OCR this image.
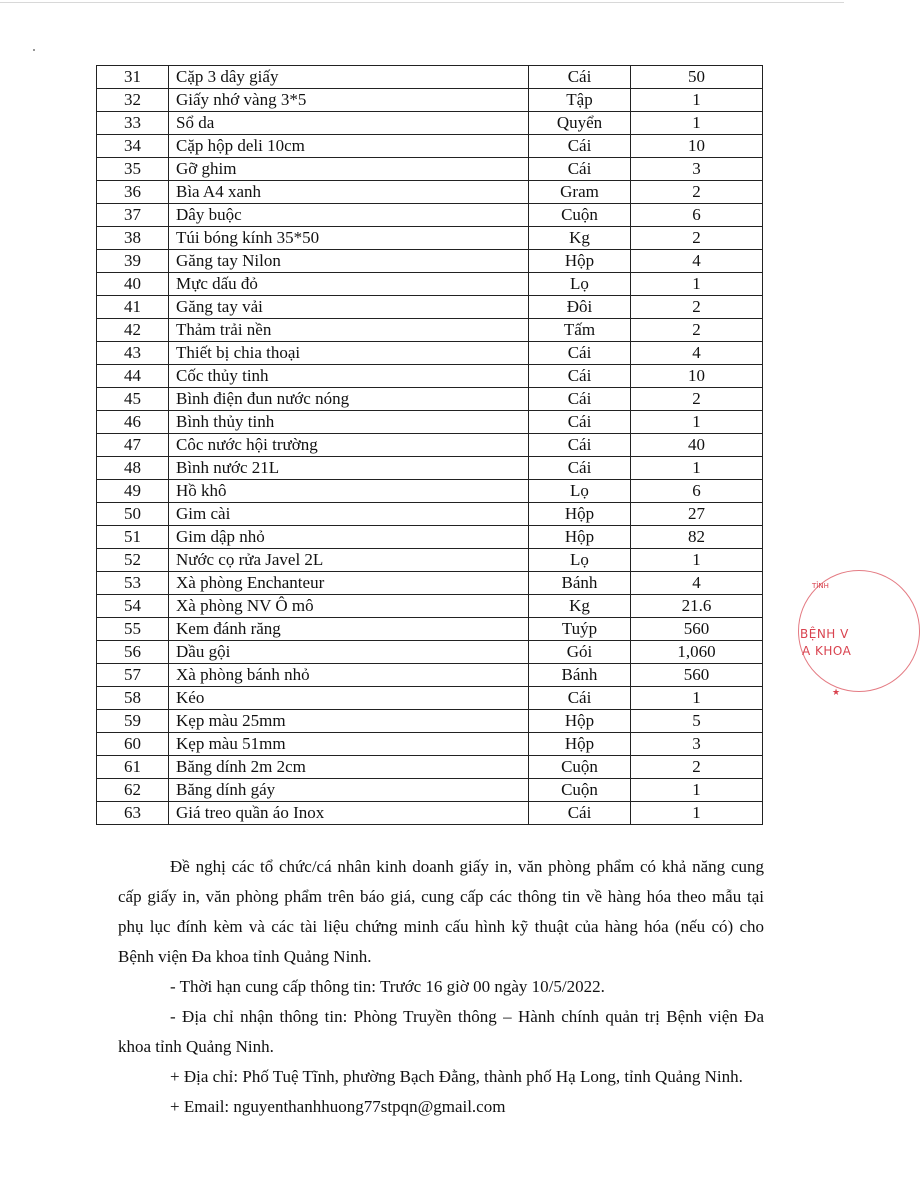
31	Cặp 3 dây giấy	Cái	50
32	Giấy nhớ vàng 3*5	Tập	1
33	Sổ da	Quyển	1
34	Cặp hộp deli 10cm	Cái	10
35	Gỡ ghim	Cái	3
36	Bìa A4 xanh	Gram	2
37	Dây buộc	Cuộn	6
38	Túi bóng kính 35*50	Kg	2
39	Găng tay Nilon	Hộp	4
40	Mực dấu đỏ	Lọ	1
41	Găng tay vải	Đôi	2
42	Thảm trải nền	Tấm	2
43	Thiết bị chia thoại	Cái	4
44	Cốc thủy tinh	Cái	10
45	Bình điện đun nước nóng	Cái	2
46	Bình thủy tinh	Cái	1
47	Côc nước hội trường	Cái	40
48	Bình nước 21L	Cái	1
49	Hồ khô	Lọ	6
50	Gim cài	Hộp	27
51	Gim dập nhỏ	Hộp	82
52	Nước cọ rửa Javel 2L	Lọ	1
53	Xà phòng Enchanteur	Bánh	4
54	Xà phòng NV Ô mô	Kg	21.6
55	Kem đánh răng	Tuýp	560
56	Dầu gội	Gói	1,060
57	Xà phòng bánh nhỏ	Bánh	560
58	Kéo	Cái	1
59	Kẹp màu 25mm	Hộp	5
60	Kẹp màu 51mm	Hộp	3
61	Băng dính 2m 2cm	Cuộn	2
62	Băng dính gáy	Cuộn	1
63	Giá treo quần áo Inox	Cái	1

Đề nghị các tổ chức/cá nhân kinh doanh giấy in, văn phòng phẩm có khả năng cung cấp giấy in, văn phòng phẩm trên báo giá, cung cấp các thông tin về hàng hóa theo mẫu tại phụ lục đính kèm và các tài liệu chứng minh cấu hình kỹ thuật của hàng hóa (nếu có) cho Bệnh viện Đa khoa tỉnh Quảng Ninh.

- Thời hạn cung cấp thông tin: Trước 16 giờ 00 ngày 10/5/2022.

- Địa chỉ nhận thông tin: Phòng Truyền thông – Hành chính quản trị Bệnh viện Đa khoa tỉnh Quảng Ninh.

+ Địa chỉ: Phố Tuệ Tĩnh, phường Bạch Đằng, thành phố Hạ Long, tỉnh Quảng Ninh.

+ Email: nguyenthanhhuong77stpqn@gmail.com

TỈNH
BỆNH V
A KHOA
★
